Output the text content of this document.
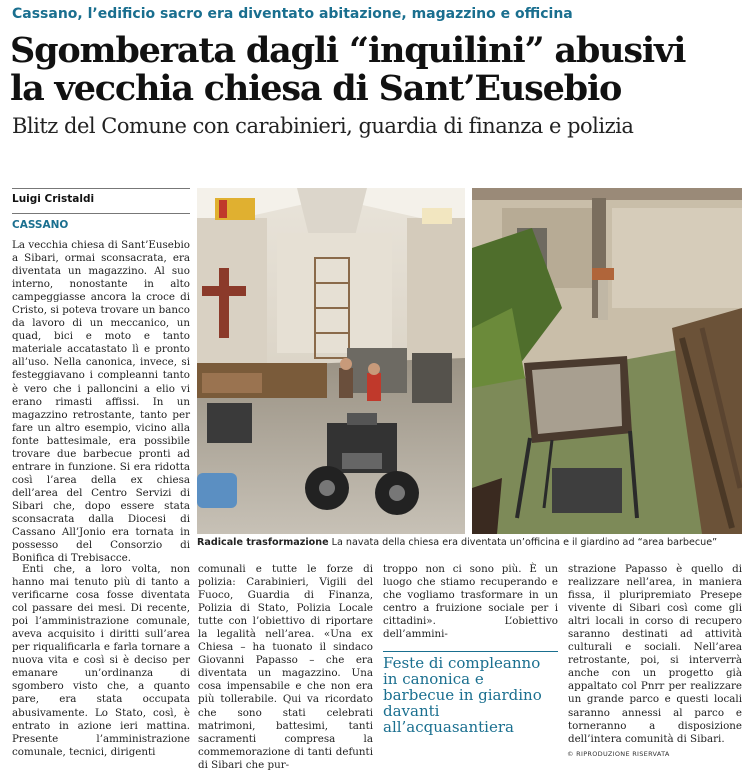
Cassano, l’edificio sacro era diventato abitazione, magazzino e officina
Sgomberata dagli “inquilini” abusivi
la vecchia chiesa di Sant’Eusebio
Blitz del Comune con carabinieri, guardia di finanza e polizia
Luigi Cristaldi
CASSANO

La vecchia chiesa di Sant’Eusebio a Sibari, ormai sconsacrata, era diventata un magazzino. Al suo interno, nonostante in alto campeggiasse ancora la croce di Cristo, si poteva trovare un banco da lavoro di un meccanico, un quad, bici e moto e tanto materiale accatastato lì e pronto all’uso. Nella canonica, invece, si festeggiavano i compleanni tanto è vero che i palloncini a elio vi erano rimasti affissi. In un magazzino retrostante, tanto per fare un altro esempio, vicino alla fonte battesimale, era possibile trovare due barbecue pronti ad entrare in funzione. Si era ridotta così l’area della ex chiesa dell’area del Centro Servizi di Sibari che, dopo essere stata sconsacrata dalla Diocesi di Cassano All’Jonio era tornata in possesso del Consorzio di Bonifica di Trebisacce.

Enti che, a loro volta, non hanno mai tenuto più di tanto a verificarne cosa fosse diventata col passare dei mesi. Di recente, poi l’amministrazione comunale, aveva acquisito i diritti sull’area per riqualificarla e farla tornare a nuova vita e così si è deciso per emanare un’ordinanza di sgombero visto che, a quanto pare, era stata occupata abusivamente. Lo Stato, così, è entrato in azione ieri mattina. Presente l’amministrazione comunale, tecnici, dirigenti

comunali e tutte le forze di polizia: Carabinieri, Vigili del Fuoco, Guardia di Finanza, Polizia di Stato, Polizia Locale tutte con l’obiettivo di riportare la legalità nell’area. «Una ex Chiesa – ha tuonato il sindaco Giovanni Papasso – che era diventata un magazzino. Una cosa impensabile e che non era più tollerabile. Qui va ricordato che sono stati celebrati matrimoni, battesimi, tanti sacramenti compresa la commemorazione di tanti defunti di Sibari che pur-

troppo non ci sono più. È un luogo che stiamo recuperando e che vogliamo trasformare in un centro a fruizione sociale per i cittadini». L’obiettivo dell’ammini-

strazione Papasso è quello di realizzare nell’area, in maniera fissa, il pluripremiato Presepe vivente di Sibari così come gli altri locali in corso di recupero saranno destinati ad attività culturali e sociali. Nell’area retrostante, poi, si interverrà anche con un progetto già appaltato col Pnrr per realizzare un grande parco e questi locali saranno annessi al parco e torneranno a disposizione dell’intera comunità di Sibari.

Feste di compleanno in canonica e barbecue in giardino davanti all’acquasantiera
Radicale trasformazione La navata della chiesa era diventata un’officina e il giardino ad “area barbecue”
© RIPRODUZIONE RISERVATA
